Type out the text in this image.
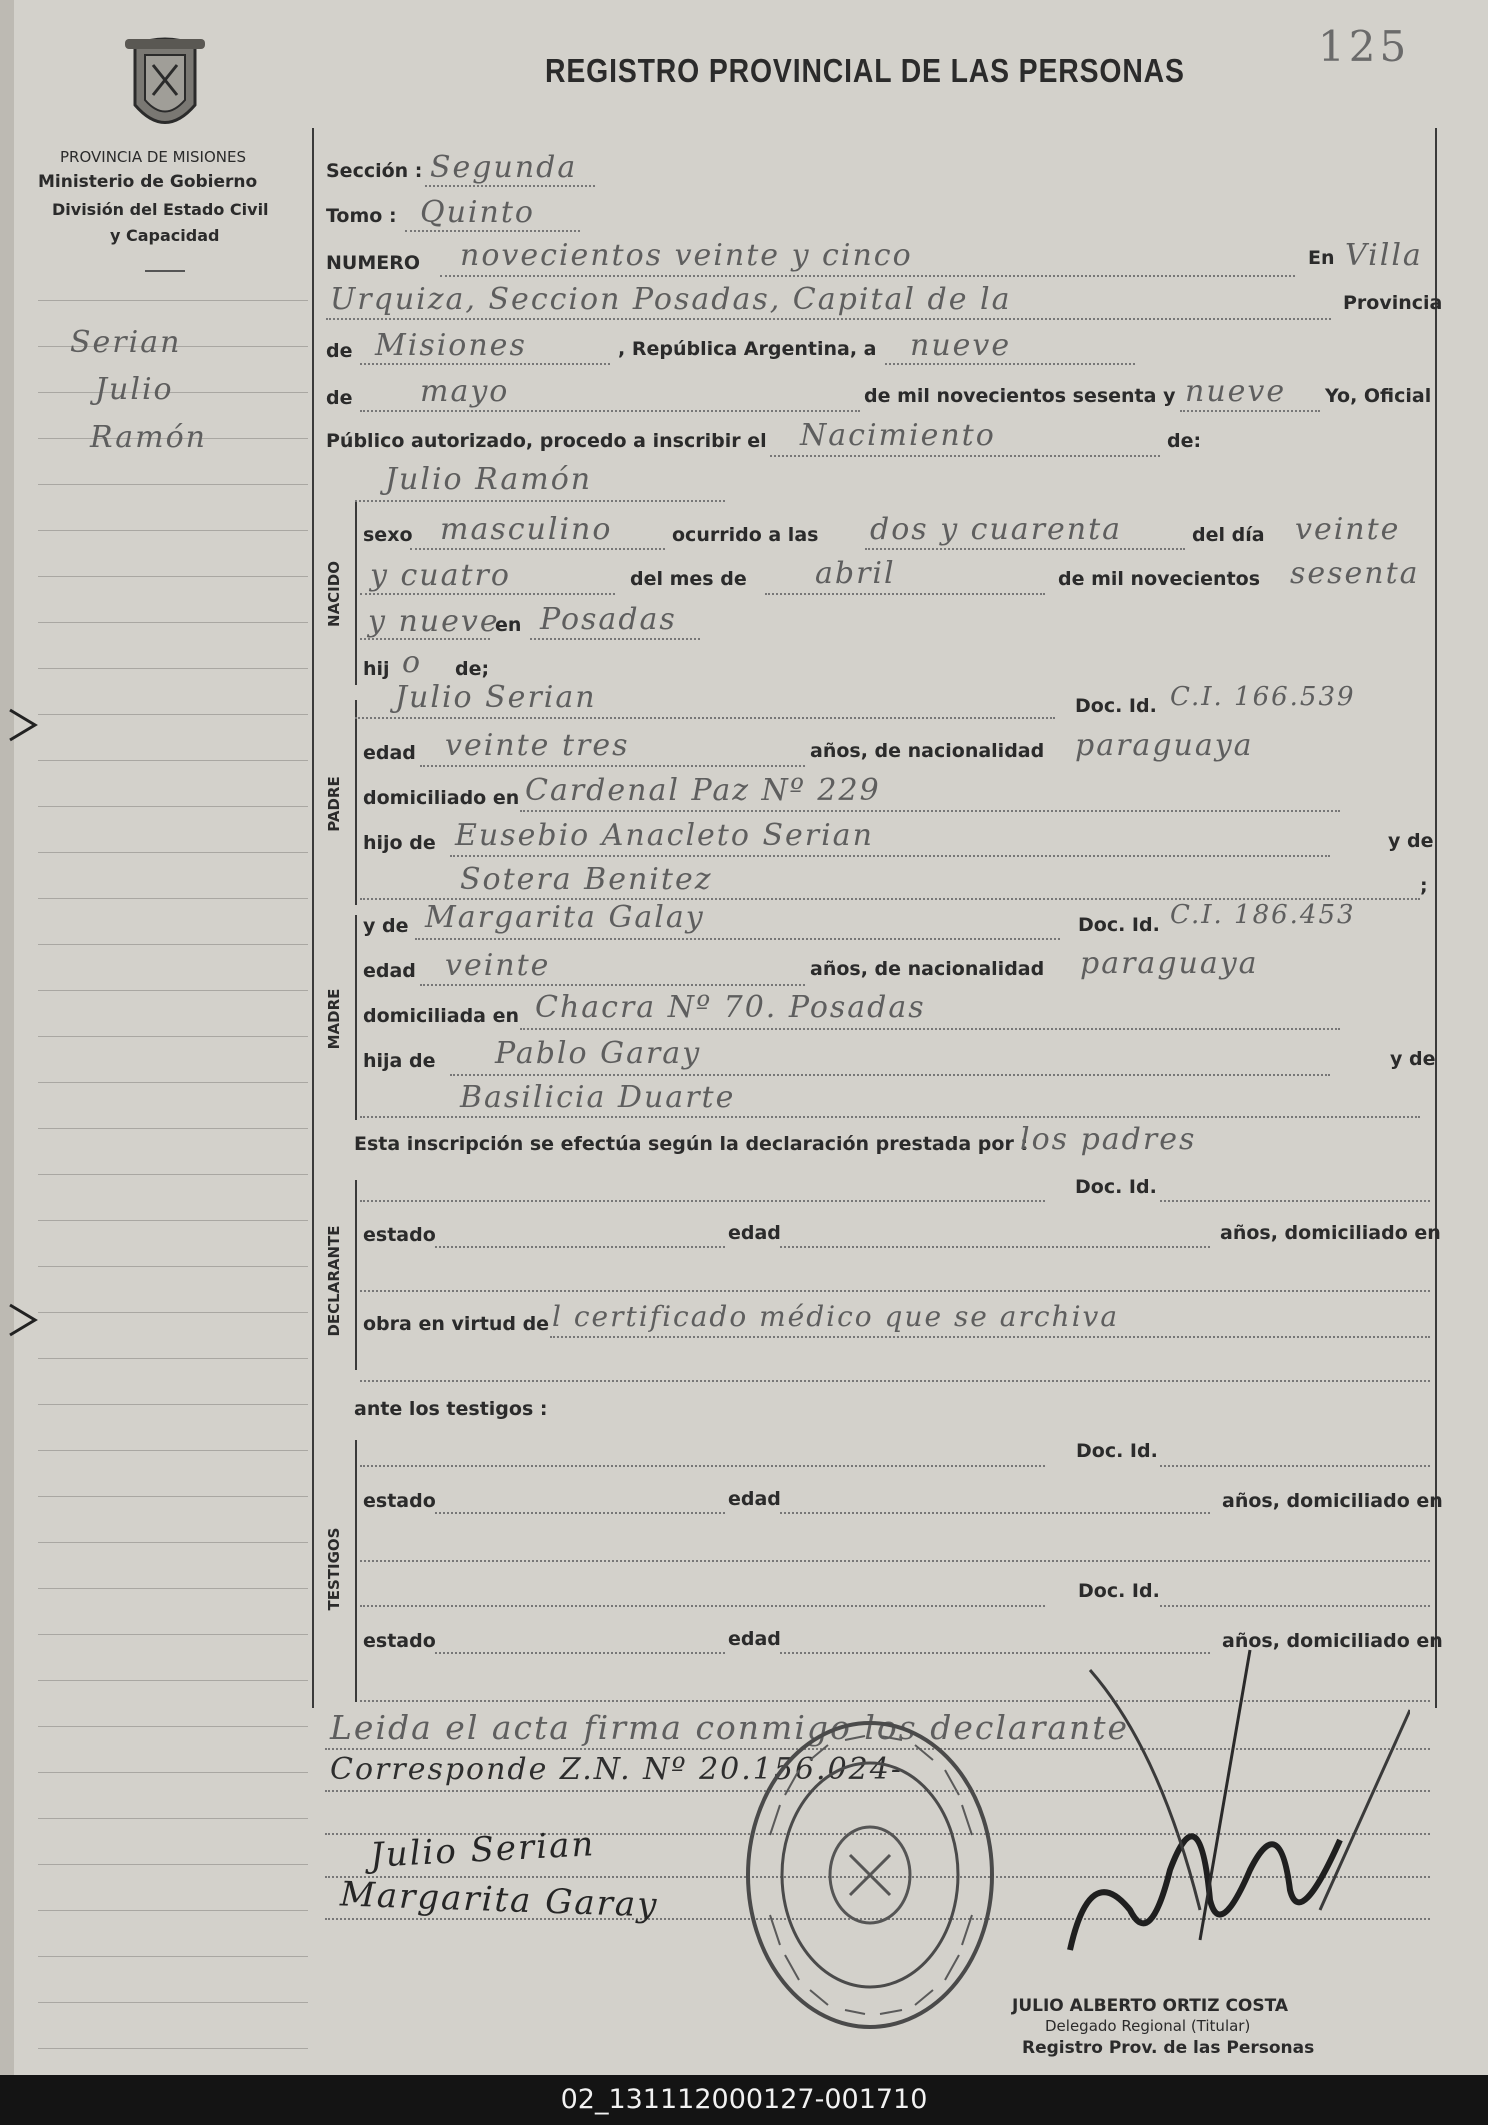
PROVINCIA DE MISIONES
Ministerio de Gobierno
División del Estado Civil
y Capacidad
Serian
Julio
Ramón
125
REGISTRO PROVINCIAL DE LAS PERSONAS
Sección : Segunda
Tomo : Quinto
NUMERO novecientos veinte y cinco	En Villa
Urquiza, Seccion Posadas, Capital de la	Provincia
de Misiones	, República Argentina, a nueve
de mayo	de mil novecientos sesenta y nueve Yo, Oficial
Público autorizado, procedo a inscribir el Nacimiento	de:
NACIDO
Julio Ramón
sexo masculino	ocurrido a las dos y cuarenta	del día veinte
y cuatro	del mes de abril	de mil novecientos sesenta
y nueve
en Posadas
hij o de;
PADRE
Julio Serian	Doc. Id. C.I. 166.539
edad veinte tres	años, de nacionalidad paraguaya
domiciliado en Cardenal Paz Nº 229
hijo de Eusebio Anacleto Serian	y de
Sotera Benitez	;
MADRE
y de Margarita Galay	Doc. Id. C.I. 186.453
edad veinte	años, de nacionalidad paraguaya
domiciliada en Chacra Nº 70. Posadas
hija de Pablo Garay	y de
Basilicia Duarte
Esta inscripción se efectúa según la declaración prestada por :
los padres
DECLARANTE
Doc. Id.
estado	edad	años, domiciliado en
obra en virtud de l certificado médico que se archiva
ante los testigos :
TESTIGOS
Doc. Id.
estado	edad	años, domiciliado en
Doc. Id.
estado	edad	años, domiciliado en
Leida el acta firma conmigo los declarante
Corresponde Z.N. Nº 20.156.024-
Julio Serian
Margarita Garay
JULIO ALBERTO ORTIZ COSTA
Delegado Regional (Titular)
Registro Prov. de las Personas
02_131112000127-001710
